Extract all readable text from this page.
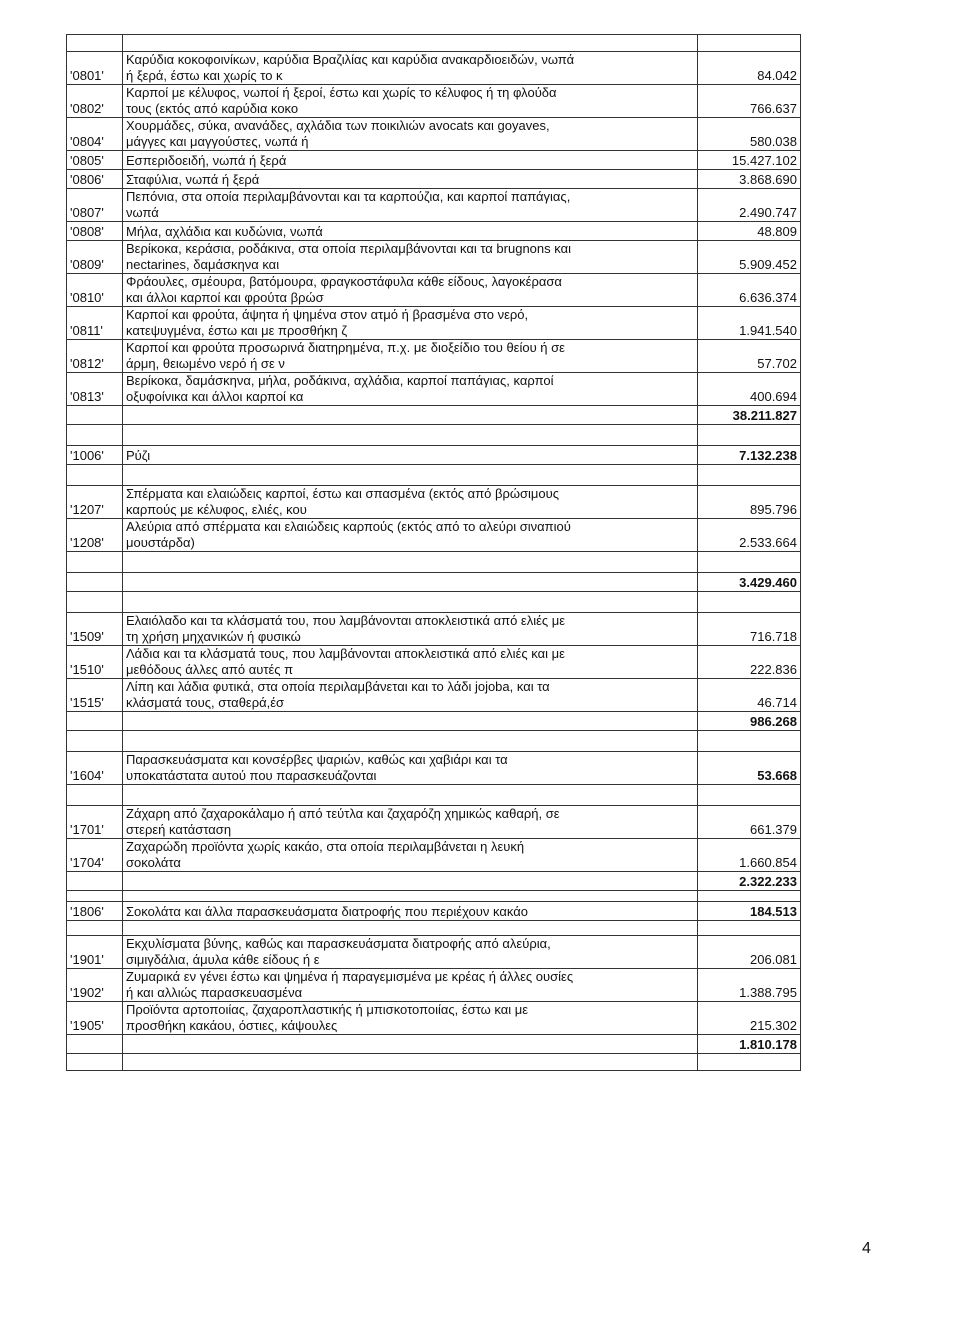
'0801'	Καρύδια κοκοφοινίκων, καρύδια Βραζιλίας και καρύδια ανακαρδιοειδών, νωπά
ή ξερά, έστω και χωρίς το κ	84.042
'0802'	Καρποί με κέλυφος, νωποί ή ξεροί, έστω και χωρίς το κέλυφος ή τη φλούδα
τους (εκτός από καρύδια κοκο	766.637
'0804'	Χουρμάδες, σύκα, ανανάδες, αχλάδια των ποικιλιών avocats και goyaves,
μάγγες και μαγγούστες, νωπά ή	580.038
'0805'	Εσπεριδοειδή, νωπά ή ξερά	15.427.102
'0806'	Σταφύλια, νωπά ή ξερά	3.868.690
'0807'	Πεπόνια, στα οποία περιλαμβάνονται και τα καρπούζια, και καρποί παπάγιας,
νωπά	2.490.747
'0808'	Μήλα, αχλάδια και κυδώνια, νωπά	48.809
'0809'	Βερίκοκα, κεράσια, ροδάκινα, στα οποία περιλαμβάνονται και τα brugnons και
nectarines, δαμάσκηνα και	5.909.452
'0810'	Φράουλες, σμέουρα, βατόμουρα, φραγκοστάφυλα κάθε είδους, λαγοκέρασα
και άλλοι καρποί και φρούτα βρώσ	6.636.374
'0811'	Καρποί και φρούτα, άψητα ή ψημένα στον ατμό ή βρασμένα στο νερό,
κατεψυγμένα, έστω και με προσθήκη ζ	1.941.540
'0812'	Καρποί και φρούτα προσωρινά διατηρημένα, π.χ. με διοξείδιο του θείου ή σε
άρμη, θειωμένο νερό ή σε ν	57.702
'0813'	Βερίκοκα, δαμάσκηνα, μήλα, ροδάκινα, αχλάδια, καρποί παπάγιας, καρποί
οξυφοίνικα και άλλοι καρποί κα	400.694
		38.211.827

'1006'	Ρύζι	7.132.238

'1207'	Σπέρματα και ελαιώδεις καρποί, έστω και σπασμένα (εκτός από βρώσιμους
καρπούς με κέλυφος, ελιές, κου	895.796
'1208'	Αλεύρια από σπέρματα και ελαιώδεις καρπούς (εκτός από το αλεύρι σιναπιού
μουστάρδα)	2.533.664

		3.429.460

'1509'	Ελαιόλαδο και τα κλάσματά του, που λαμβάνονται αποκλειστικά από ελιές με
τη χρήση μηχανικών ή φυσικώ	716.718
'1510'	Λάδια και τα κλάσματά τους, που λαμβάνονται αποκλειστικά από ελιές και με
μεθόδους άλλες από αυτές π	222.836
'1515'	Λίπη και λάδια φυτικά, στα οποία περιλαμβάνεται και το λάδι jojoba, και τα
κλάσματά τους, σταθερά,έσ	46.714
		986.268

'1604'	Παρασκευάσματα και κονσέρβες ψαριών, καθώς και χαβιάρι και τα
υποκατάστατα αυτού που παρασκευάζονται	53.668

'1701'	Ζάχαρη από ζαχαροκάλαμο ή από τεύτλα και ζαχαρόζη χημικώς καθαρή, σε
στερεή κατάσταση	661.379
'1704'	Ζαχαρώδη προϊόντα χωρίς κακάο, στα οποία περιλαμβάνεται η λευκή
σοκολάτα	1.660.854
		2.322.233

'1806'	Σοκολάτα και άλλα παρασκευάσματα διατροφής που περιέχουν κακάο	184.513

'1901'	Εκχυλίσματα βύνης, καθώς και παρασκευάσματα διατροφής από αλεύρια,
σιμιγδάλια, άμυλα κάθε είδους ή ε	206.081
'1902'	Ζυμαρικά εν γένει έστω και ψημένα ή παραγεμισμένα με κρέας ή άλλες ουσίες
ή και αλλιώς παρασκευασμένα	1.388.795
'1905'	Προϊόντα αρτοποιίας, ζαχαροπλαστικής ή μπισκοτοποιίας, έστω και με
προσθήκη κακάου, όστιες, κάψουλες	215.302
		1.810.178

4
